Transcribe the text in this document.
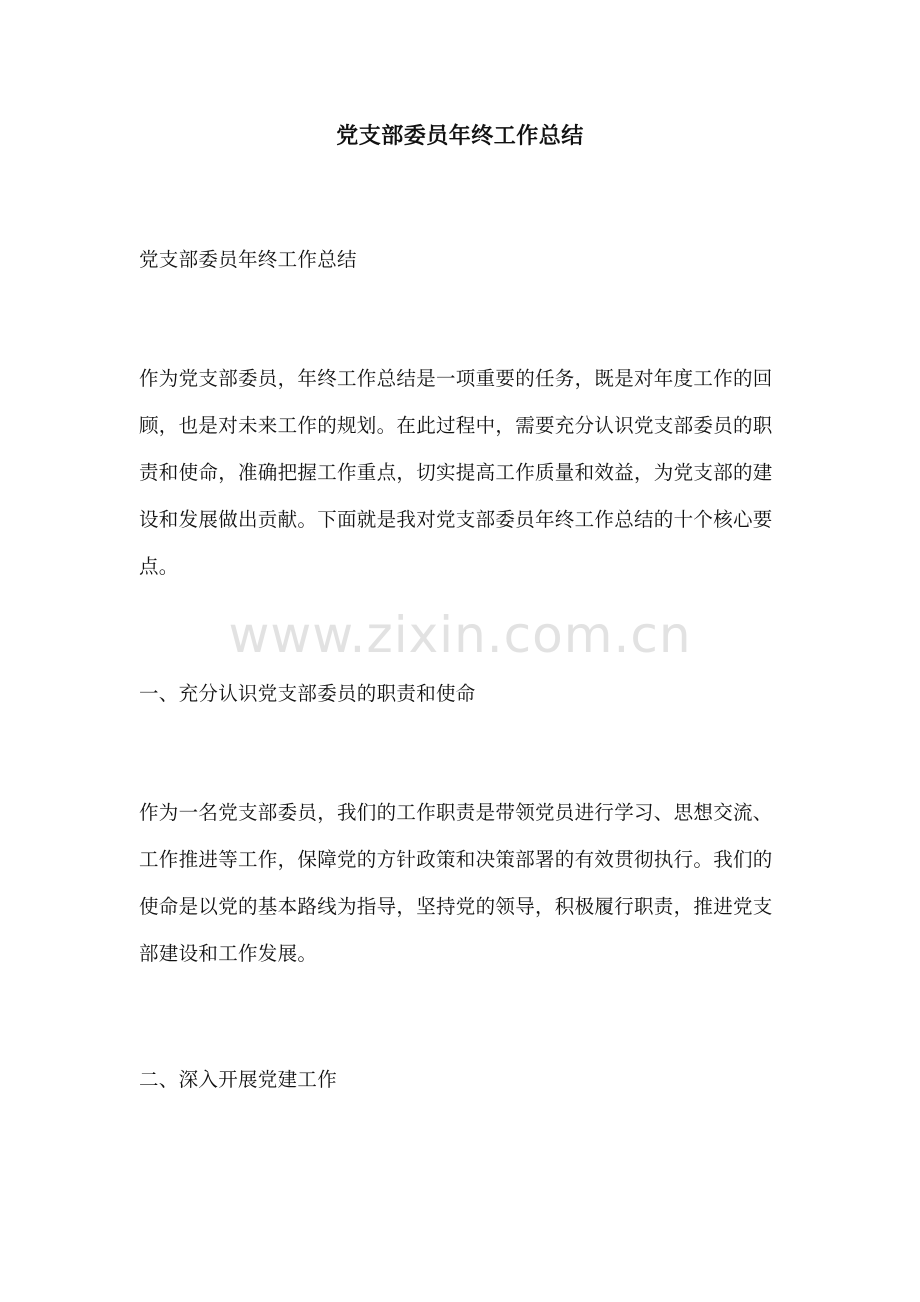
党支部委员年终工作总结

党支部委员年终工作总结

作为党支部委员，年终工作总结是一项重要的任务，既是对年度工作的回顾，也是对未来工作的规划。在此过程中，需要充分认识党支部委员的职责和使命，准确把握工作重点，切实提高工作质量和效益，为党支部的建设和发展做出贡献。下面就是我对党支部委员年终工作总结的十个核心要点。

www.zixin.com.cn

一、充分认识党支部委员的职责和使命

作为一名党支部委员，我们的工作职责是带领党员进行学习、思想交流、工作推进等工作，保障党的方针政策和决策部署的有效贯彻执行。我们的使命是以党的基本路线为指导，坚持党的领导，积极履行职责，推进党支部建设和工作发展。

二、深入开展党建工作
